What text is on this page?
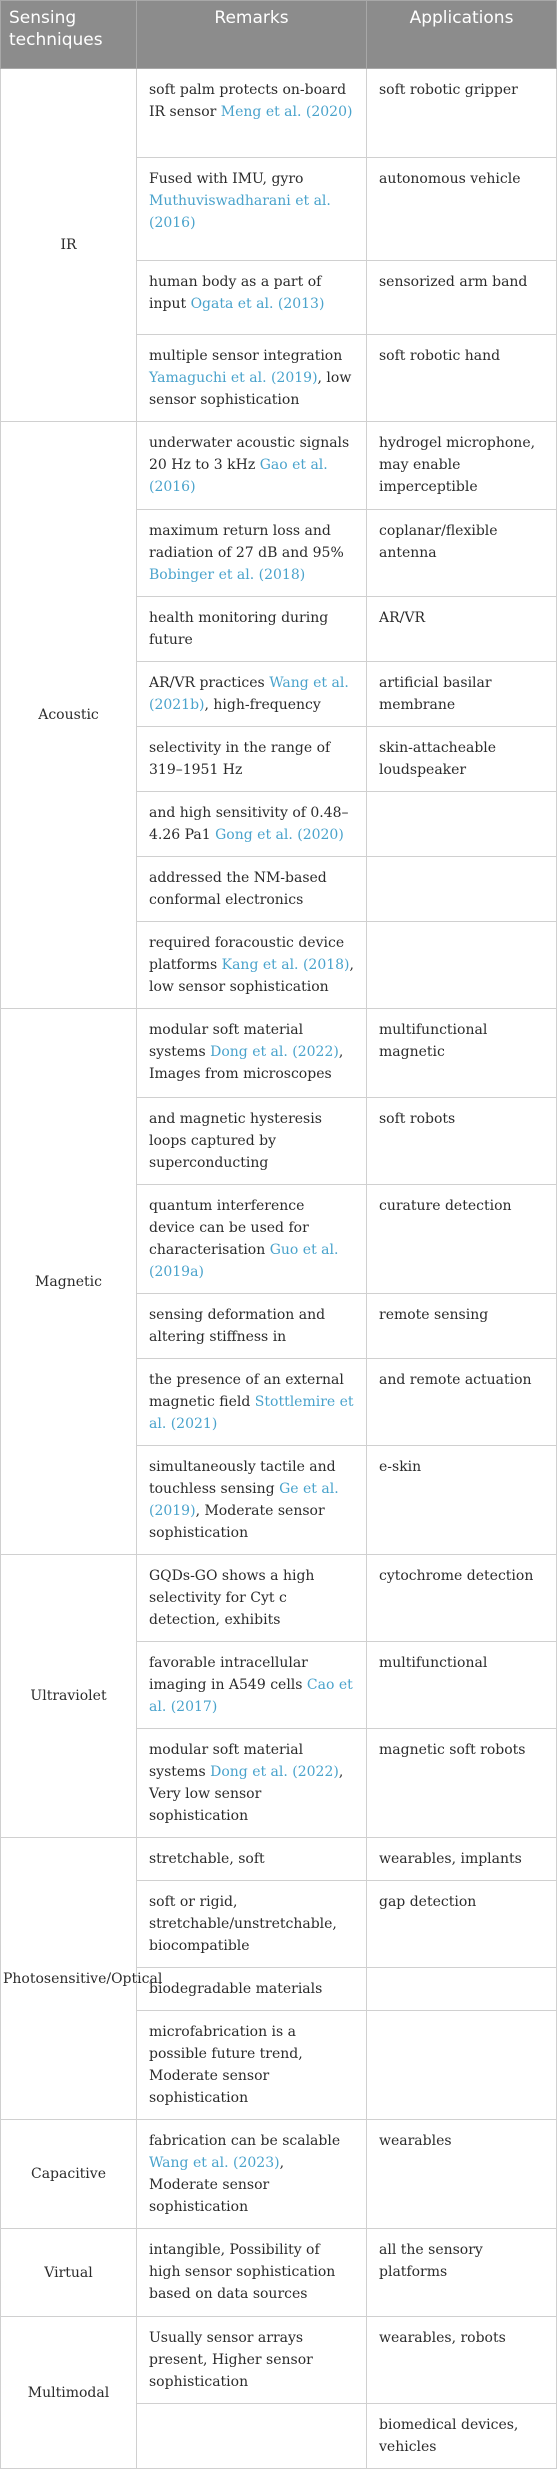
Sensing techniques	Remarks	Applications
IR	soft palm protects on-board IR sensor Meng et al. (2020)	soft robotic gripper
	Fused with IMU, gyro Muthuviswadharani et al. (2016)	autonomous vehicle
	human body as a part of input Ogata et al. (2013)	sensorized arm band
	multiple sensor integration Yamaguchi et al. (2019), low sensor sophistication	soft robotic hand
Acoustic	underwater acoustic signals 20 Hz to 3 kHz Gao et al. (2016)	hydrogel microphone, may enable imperceptible
	maximum return loss and radiation of 27 dB and 95% Bobinger et al. (2018)	coplanar/flexible antenna
	health monitoring during future	AR/VR
	AR/VR practices Wang et al. (2021b), high-frequency	artificial basilar membrane
	selectivity in the range of 319–1951 Hz	skin-attacheable loudspeaker
	and high sensitivity of 0.48–4.26 Pa1 Gong et al. (2020)	
	addressed the NM-based conformal electronics	
	required foracoustic device platforms Kang et al. (2018), low sensor sophistication	
Magnetic	modular soft material systems Dong et al. (2022), Images from microscopes	multifunctional magnetic
	and magnetic hysteresis loops captured by superconducting	soft robots
	quantum interference device can be used for characterisation Guo et al. (2019a)	curature detection
	sensing deformation and altering stiffness in	remote sensing
	the presence of an external magnetic field Stottlemire et al. (2021)	and remote actuation
	simultaneously tactile and touchless sensing Ge et al. (2019), Moderate sensor sophistication	e-skin
Ultraviolet	GQDs-GO shows a high selectivity for Cyt c detection, exhibits	cytochrome detection
	favorable intracellular imaging in A549 cells Cao et al. (2017)	multifunctional
	modular soft material systems Dong et al. (2022), Very low sensor sophistication	magnetic soft robots
Photosensitive/Optical	stretchable, soft	wearables, implants
	soft or rigid, stretchable/unstretchable, biocompatible	gap detection
	biodegradable materials	
	microfabrication is a possible future trend, Moderate sensor sophistication	
Capacitive	fabrication can be scalable Wang et al. (2023), Moderate sensor sophistication	wearables
Virtual	intangible, Possibility of high sensor sophistication based on data sources	all the sensory platforms
Multimodal	Usually sensor arrays present, Higher sensor sophistication	wearables, robots
		biomedical devices, vehicles
